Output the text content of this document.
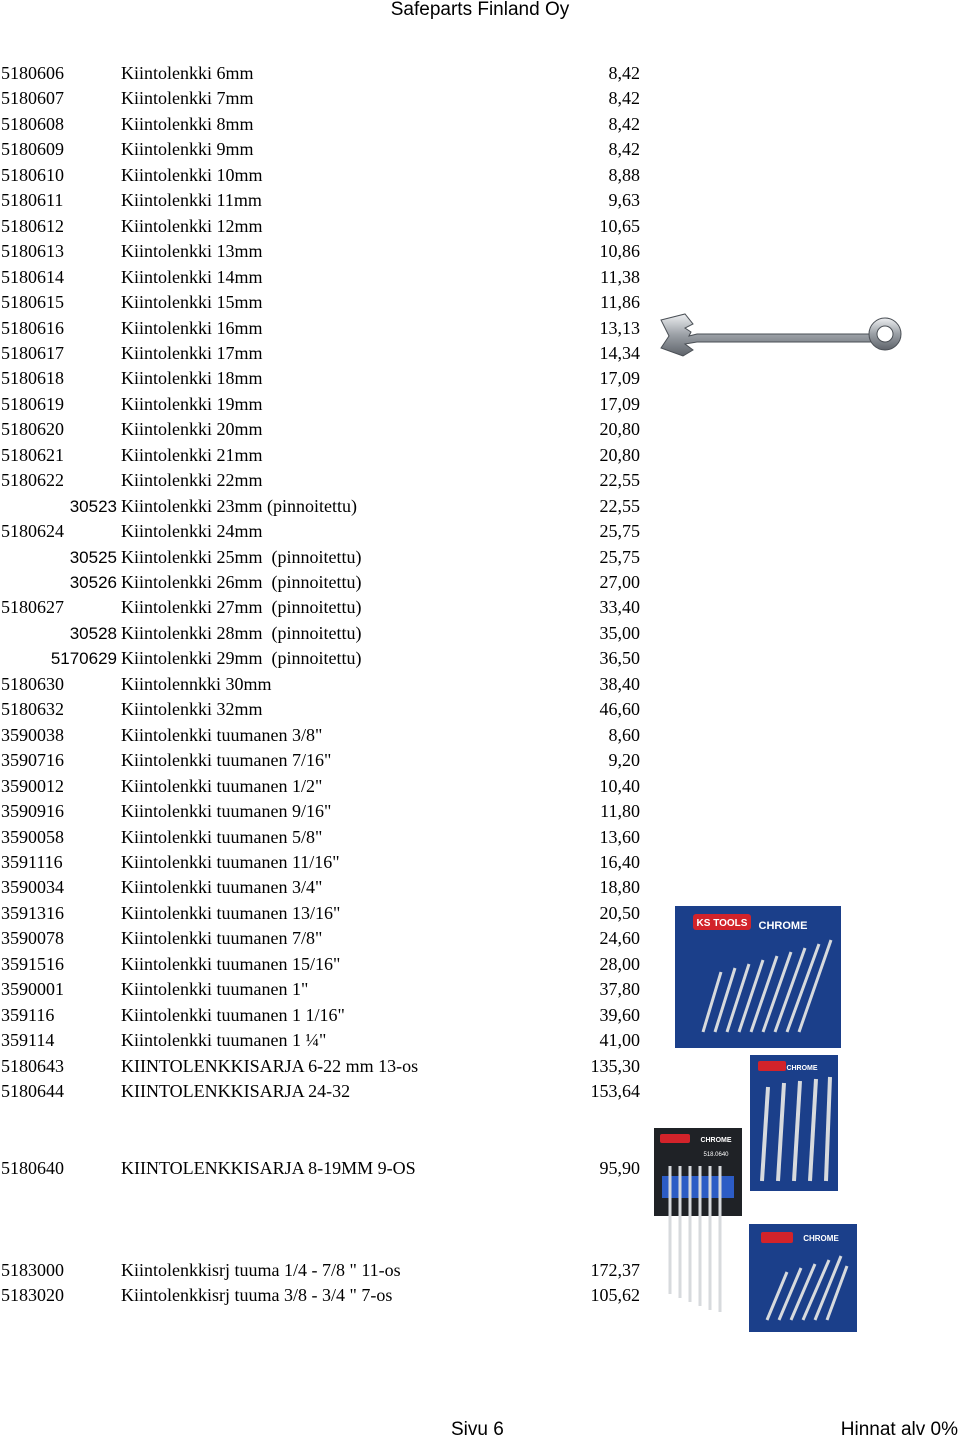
Safeparts Finland Oy
5180606	Kiintolenkki 6mm	8,42
5180607	Kiintolenkki 7mm	8,42
5180608	Kiintolenkki 8mm	8,42
5180609	Kiintolenkki 9mm	8,42
5180610	Kiintolenkki 10mm	8,88
5180611	Kiintolenkki 11mm	9,63
5180612	Kiintolenkki 12mm	10,65
5180613	Kiintolenkki 13mm	10,86
5180614	Kiintolenkki 14mm	11,38
5180615	Kiintolenkki 15mm	11,86
5180616	Kiintolenkki 16mm	13,13
5180617	Kiintolenkki 17mm	14,34
5180618	Kiintolenkki 18mm	17,09
5180619	Kiintolenkki 19mm	17,09
5180620	Kiintolenkki 20mm	20,80
5180621	Kiintolenkki 21mm	20,80
5180622	Kiintolenkki 22mm	22,55
30523 Kiintolenkki 23mm (pinnoitettu)	22,55
5180624	Kiintolenkki 24mm	25,75
30525 Kiintolenkki 25mm  (pinnoitettu)	25,75
30526 Kiintolenkki 26mm  (pinnoitettu)	27,00
5180627	Kiintolenkki 27mm  (pinnoitettu)	33,40
30528 Kiintolenkki 28mm  (pinnoitettu)	35,00
5170629 Kiintolenkki 29mm  (pinnoitettu)	36,50
5180630	Kiintolennkki 30mm	38,40
5180632	Kiintolenkki 32mm	46,60
3590038	Kiintolenkki tuumanen 3/8"	8,60
3590716	Kiintolenkki tuumanen 7/16"	9,20
3590012	Kiintolenkki tuumanen 1/2"	10,40
3590916	Kiintolenkki tuumanen 9/16"	11,80
3590058	Kiintolenkki tuumanen 5/8"	13,60
3591116	Kiintolenkki tuumanen 11/16"	16,40
3590034	Kiintolenkki tuumanen 3/4"	18,80
3591316	Kiintolenkki tuumanen 13/16"	20,50
3590078	Kiintolenkki tuumanen 7/8"	24,60
3591516	Kiintolenkki tuumanen 15/16"	28,00
3590001	Kiintolenkki tuumanen 1"	37,80
359116	Kiintolenkki tuumanen 1 1/16"	39,60
359114	Kiintolenkki tuumanen 1 ¼"	41,00
5180643	KIINTOLENKKISARJA 6-22 mm 13-os	135,30
5180644	KIINTOLENKKISARJA 24-32	153,64
5180640	KIINTOLENKKISARJA 8-19MM 9-OS	95,90
5183000	Kiintolenkkisrj tuuma 1/4 - 7/8 " 11-os	172,37
5183020	Kiintolenkkisrj tuuma 3/8 - 3/4 " 7-os	105,62
KS TOOLS CHROME
CHROME
CHROME
518.0640
CHROME
Sivu 6	Hinnat alv 0%
